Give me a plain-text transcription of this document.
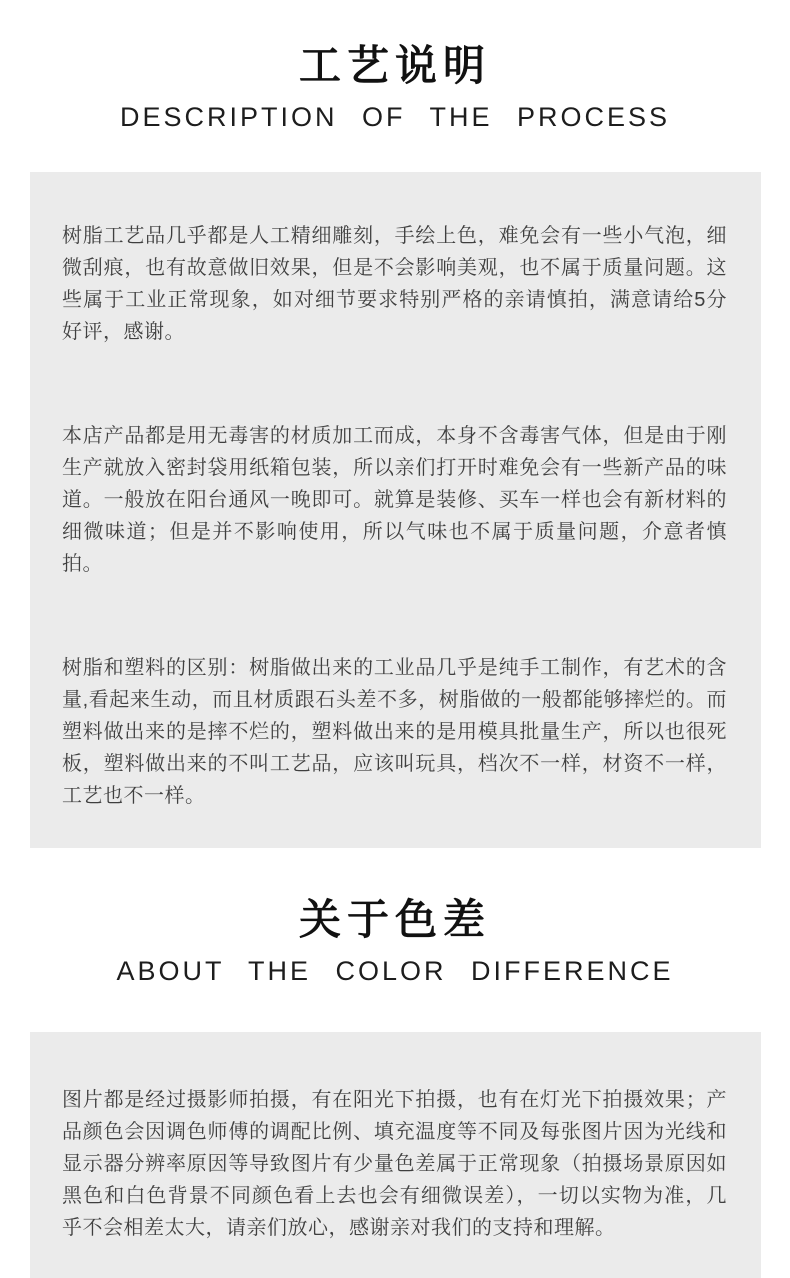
工艺说明
DESCRIPTION OF THE PROCESS

树脂工艺品几乎都是人工精细雕刻，手绘上色，难免会有一些小气泡，细微刮痕，也有故意做旧效果，但是不会影响美观，也不属于质量问题。这些属于工业正常现象，如对细节要求特别严格的亲请慎拍，满意请给5分好评，感谢。

本店产品都是用无毒害的材质加工而成，本身不含毒害气体，但是由于刚生产就放入密封袋用纸箱包装，所以亲们打开时难免会有一些新产品的味道。一般放在阳台通风一晚即可。就算是装修、买车一样也会有新材料的细微味道；但是并不影响使用，所以气味也不属于质量问题，介意者慎拍。

树脂和塑料的区别：树脂做出来的工业品几乎是纯手工制作，有艺术的含量,看起来生动，而且材质跟石头差不多，树脂做的一般都能够摔烂的。而塑料做出来的是摔不烂的，塑料做出来的是用模具批量生产，所以也很死板，塑料做出来的不叫工艺品，应该叫玩具，档次不一样，材资不一样，工艺也不一样。

关于色差
ABOUT THE COLOR DIFFERENCE

图片都是经过摄影师拍摄，有在阳光下拍摄，也有在灯光下拍摄效果；产品颜色会因调色师傅的调配比例、填充温度等不同及每张图片因为光线和显示器分辨率原因等导致图片有少量色差属于正常现象（拍摄场景原因如黑色和白色背景不同颜色看上去也会有细微误差），一切以实物为准，几乎不会相差太大，请亲们放心，感谢亲对我们的支持和理解。
